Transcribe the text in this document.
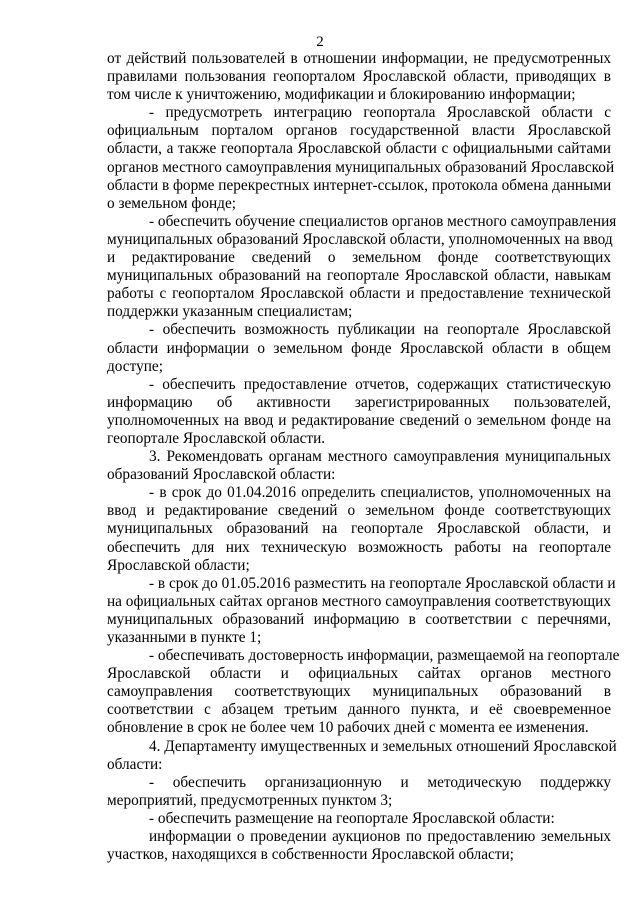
2
от действий пользователей в отношении информации, не предусмотренных
правилами пользования геопорталом Ярославской области, приводящих в
том числе к уничтожению, модификации и блокированию информации;
- предусмотреть интеграцию геопортала Ярославской области с
официальным порталом органов государственной власти Ярославской
области, а также геопортала Ярославской области с официальными сайтами
органов местного самоуправления муниципальных образований Ярославской
области в форме перекрестных интернет-ссылок, протокола обмена данными
о земельном фонде;
- обеспечить обучение специалистов органов местного самоуправления
муниципальных образований Ярославской области, уполномоченных на ввод
и редактирование сведений о земельном фонде соответствующих
муниципальных образований на геопортале Ярославской области, навыкам
работы с геопорталом Ярославской области и предоставление технической
поддержки указанным специалистам;
- обеспечить возможность публикации на геопортале Ярославской
области информации о земельном фонде Ярославской области в общем
доступе;
- обеспечить предоставление отчетов, содержащих статистическую
информацию об активности зарегистрированных пользователей,
уполномоченных на ввод и редактирование сведений о земельном фонде на
геопортале Ярославской области.
3. Рекомендовать органам местного самоуправления муниципальных
образований Ярославской области:
- в срок до 01.04.2016 определить специалистов, уполномоченных на
ввод и редактирование сведений о земельном фонде соответствующих
муниципальных образований на геопортале Ярославской области, и
обеспечить для них техническую возможность работы на геопортале
Ярославской области;
- в срок до 01.05.2016 разместить на геопортале Ярославской области и
на официальных сайтах органов местного самоуправления соответствующих
муниципальных образований информацию в соответствии с перечнями,
указанными в пункте 1;
- обеспечивать достоверность информации, размещаемой на геопортале
Ярославской области и официальных сайтах органов местного
самоуправления соответствующих муниципальных образований в
соответствии с абзацем третьим данного пункта, и её своевременное
обновление в срок не более чем 10 рабочих дней с момента ее изменения.
4. Департаменту имущественных и земельных отношений Ярославской
области:
- обеспечить организационную и методическую поддержку
мероприятий, предусмотренных пунктом 3;
- обеспечить размещение на геопортале Ярославской области:
информации о проведении аукционов по предоставлению земельных
участков, находящихся в собственности Ярославской области;
